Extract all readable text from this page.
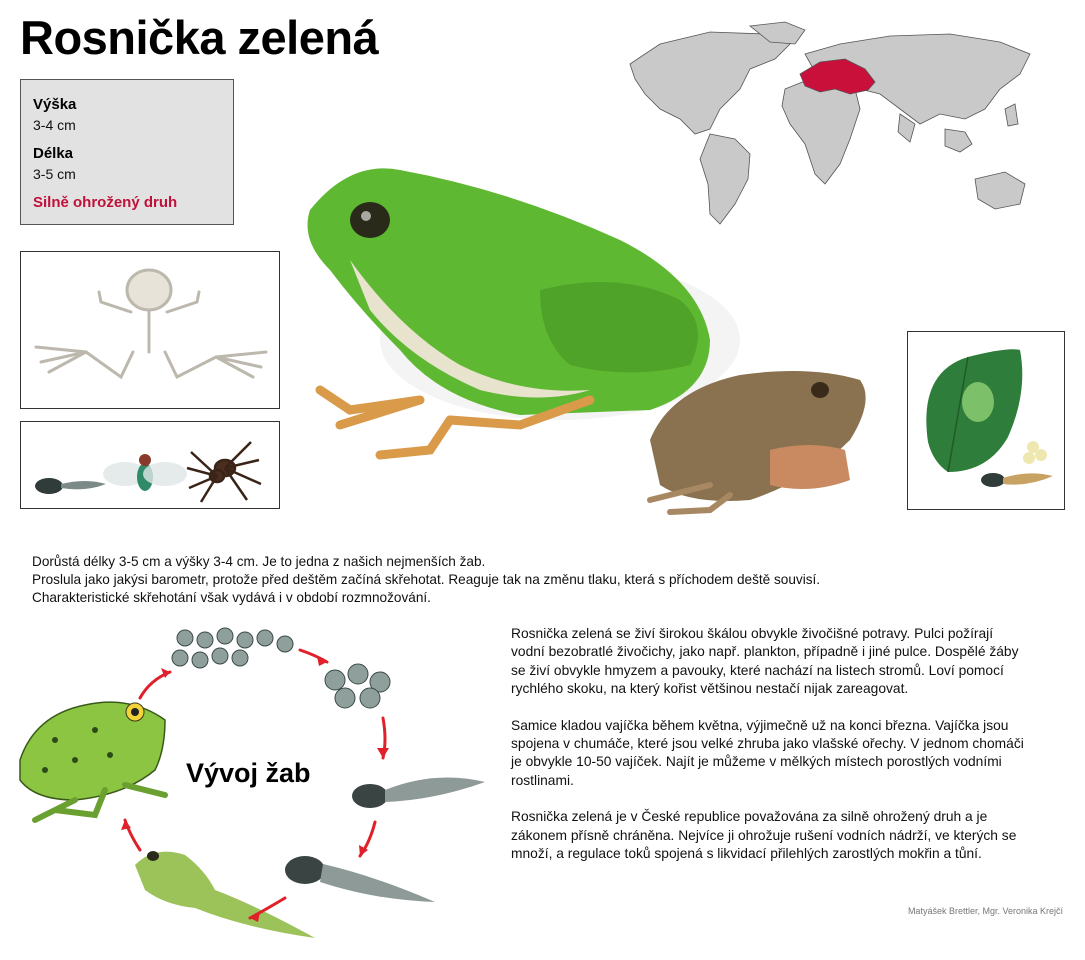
Rosnička zelená
Výška
3-4 cm
Délka
3-5 cm
Silně ohrožený druh
Dorůstá délky 3-5 cm a výšky 3-4 cm. Je to jedna z našich nejmenších žab.
Proslula jako jakýsi barometr, protože před deštěm začíná skřehotat. Reaguje tak na změnu tlaku, která s příchodem deště souvisí.
Charakteristické skřehotání však vydává i v období rozmnožování.
Vývoj žab

Rosnička zelená se živí širokou škálou obvykle živočišné potravy. Pulci požírají
vodní bezobratlé živočichy, jako např. plankton, případně i jiné pulce. Dospělé žáby
se živí obvykle hmyzem a pavouky, které nachází na listech stromů. Loví pomocí
rychlého skoku, na který kořist většinou nestačí nijak zareagovat.

Samice kladou vajíčka během května, výjimečně už na konci března. Vajíčka jsou
spojena v chumáče, které jsou velké zhruba jako vlašské ořechy. V jednom chomáči
je obvykle 10-50 vajíček. Najít je můžeme v mělkých místech porostlých vodními
rostlinami.

Rosnička zelená je v České republice považována za silně ohrožený druh a je
zákonem přísně chráněna. Nejvíce ji ohrožuje rušení vodních nádrží, ve kterých se
množí, a regulace toků spojená s likvidací přilehlých zarostlých mokřin a tůní.

Matyášek Brettler, Mgr. Veronika Krejčí
